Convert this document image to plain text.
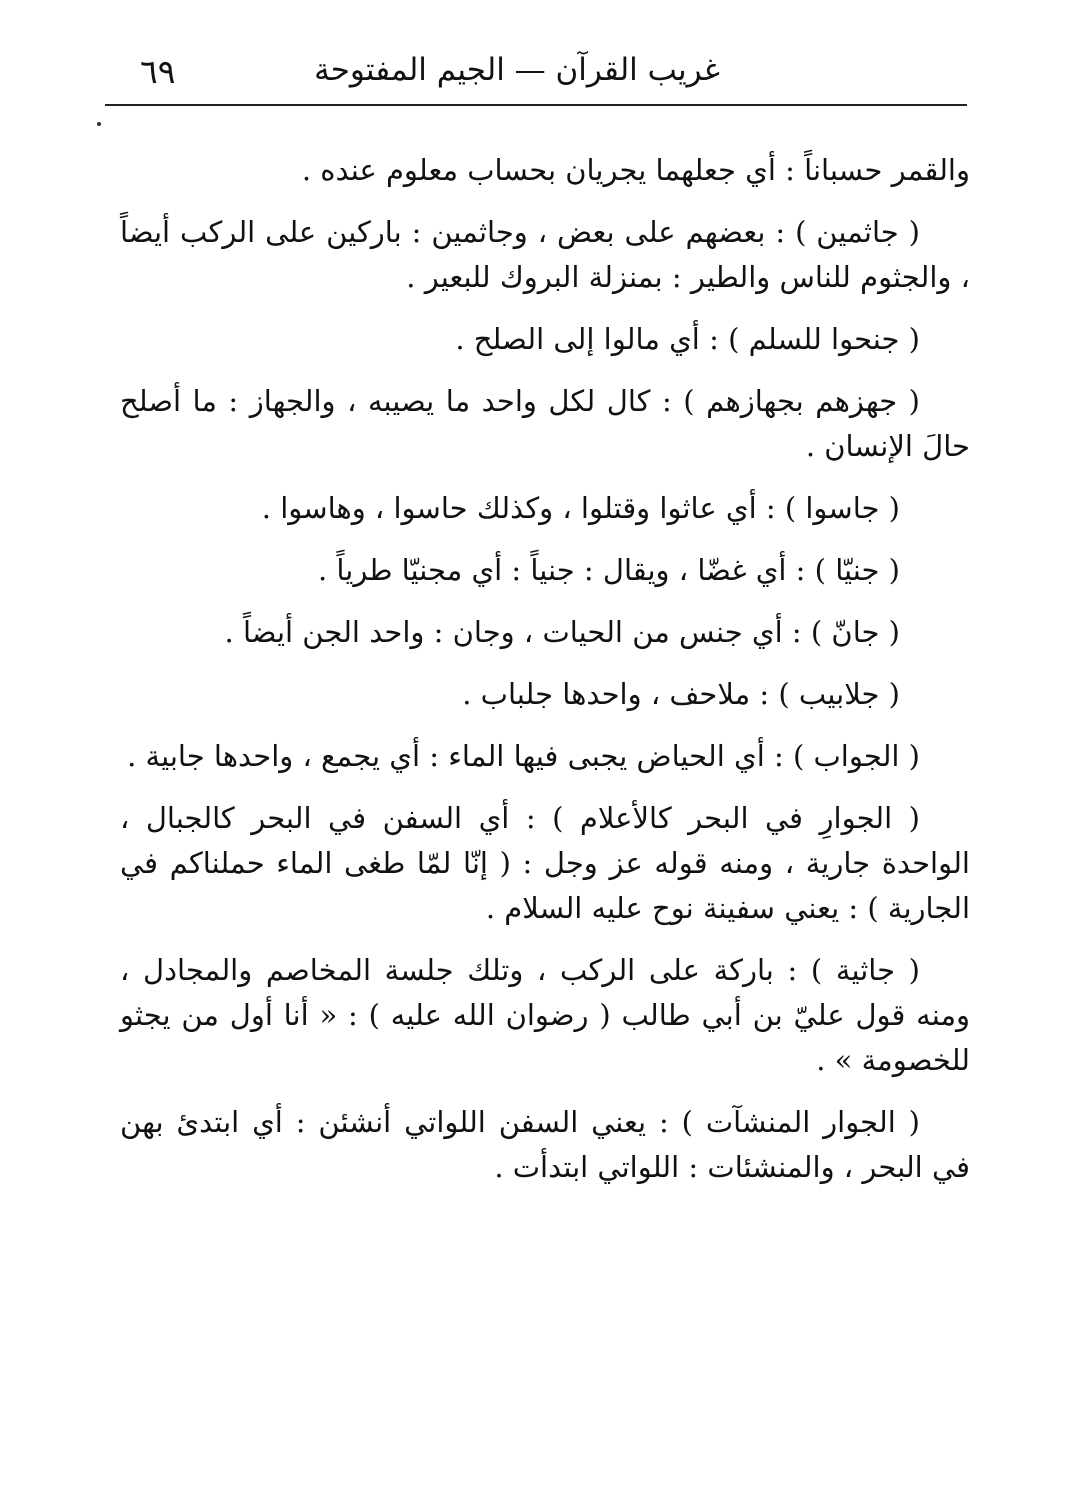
غريب القرآن — الجيم المفتوحة
٦٩

والقمر حسباناً : أي جعلهما يجريان بحساب معلوم عنده .

( جاثمين ) : بعضهم على بعض ، وجاثمين : باركين على الركب أيضاً ، والجثوم للناس والطير : بمنزلة البروك للبعير .

( جنحوا للسلم ) : أي مالوا إلى الصلح .

( جهزهم بجهازهم ) : كال لكل واحد ما يصيبه ، والجهاز : ما أصلح حالَ الإنسان .

( جاسوا ) : أي عاثوا وقتلوا ، وكذلك حاسوا ، وهاسوا .

( جنيّا ) : أي غضّا ، ويقال : جنياً : أي مجنيّا طرياً .

( جانّ ) : أي جنس من الحيات ، وجان : واحد الجن أيضاً .

( جلابيب ) : ملاحف ، واحدها جلباب .

( الجواب ) : أي الحياض يجبى فيها الماء : أي يجمع ، واحدها جابية .

( الجوارِ في البحر كالأعلام ) : أي السفن في البحر كالجبال ، الواحدة جارية ، ومنه قوله عز وجل : ( إنّا لمّا طغى الماء حملناكم في الجارية ) : يعني سفينة نوح عليه السلام .

( جاثية ) : باركة على الركب ، وتلك جلسة المخاصم والمجادل ، ومنه قول عليّ بن أبي طالب ( رضوان الله عليه ) : « أنا أول من يجثو للخصومة » .

( الجوار المنشآت ) : يعني السفن اللواتي أنشئن : أي ابتدئ بهن في البحر ، والمنشئات : اللواتي ابتدأت .
